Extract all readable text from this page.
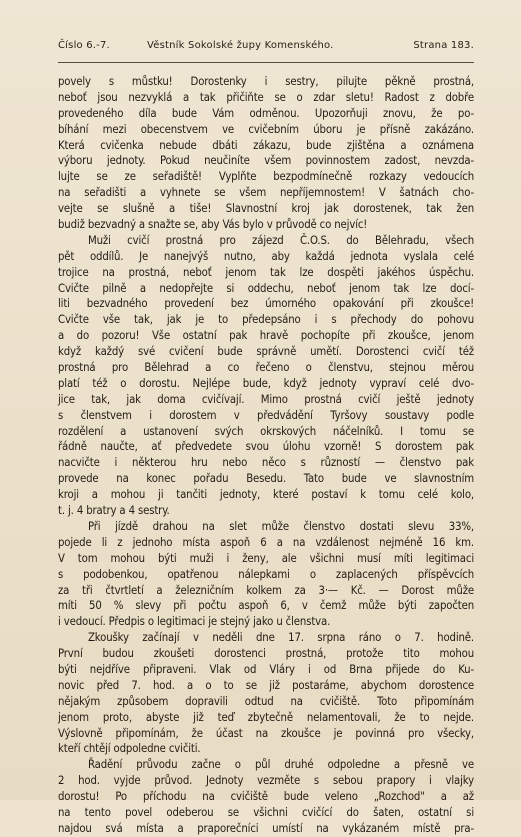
Číslo 6.-7.	Věstník Sokolské župy Komenského.	Strana 183.
povely s můstku! Dorostenky i sestry, pilujte pěkně prostná,
neboť jsou nezvyklá a tak přičiňte se o zdar sletu! Radost z dobře
provedeného díla bude Vám odměnou. Upozorňuji znovu, že po-
bíhání mezi obecenstvem ve cvičebním úboru je přísně zakázáno.
Která cvičenka nebude dbáti zákazu, bude zjištěna a oznámena
výboru jednoty. Pokud neučiníte všem povinnostem zadost, nevzda-
lujte se ze seřadiště! Vyplňte bezpodmínečně rozkazy vedoucích
na seřadišti a vyhnete se všem nepříjemnostem! V šatnách cho-
vejte se slušně a tiše! Slavnostní kroj jak dorostenek, tak žen
budiž bezvadný a snažte se, aby Vás bylo v průvodě co nejvíc!
Muži cvičí prostná pro zájezd Č.O.S. do Bělehradu, všech
pět oddílů. Je nanejvýš nutno, aby každá jednota vyslala celé
trojice na prostná, neboť jenom tak lze dospěti jakéhos úspěchu.
Cvičte pilně a nedopřejte si oddechu, neboť jenom tak lze docí-
liti bezvadného provedení bez úmorného opakování při zkoušce!
Cvičte vše tak, jak je to předepsáno i s přechody do pohovu
a do pozoru! Vše ostatní pak hravě pochopíte při zkoušce, jenom
když každý své cvičení bude správně umětí. Dorostenci cvičí též
prostná pro Bělehrad a co řečeno o členstvu, stejnou měrou
platí též o dorostu. Nejlépe bude, když jednoty vypraví celé dvo-
jice tak, jak doma cvičívají. Mimo prostná cvičí ještě jednoty
s členstvem i dorostem v předvádění Tyršovy soustavy podle
rozdělení a ustanovení svých okrskových náčelníků. I tomu se
řádně naučte, ať předvedete svou úlohu vzorně! S dorostem pak
nacvičte i některou hru nebo něco s růzností — členstvo pak
provede na konec pořadu Besedu. Tato bude ve slavnostním
kroji a mohou ji tančiti jednoty, které postaví k tomu celé kolo,
t. j. 4 bratry a 4 sestry.
Při jízdě drahou na slet může členstvo dostati slevu 33%,
pojede li z jednoho místa aspoň 6 a na vzdálenost nejméně 16 km.
V tom mohou býti muži i ženy, ale všichni musí míti legitimaci
s podobenkou, opatřenou nálepkami o zaplacených příspěvcích
za tři čtvrtletí a železničním kolkem za 3·— Kč. — Dorost může
míti 50 % slevy při počtu aspoň 6, v čemž může býti započten
i vedoucí. Předpis o legitimaci je stejný jako u členstva.
Zkoušky začínají v neděli dne 17. srpna ráno o 7. hodině.
První budou zkoušeti dorostenci prostná, protože tito mohou
býti nejdříve připraveni. Vlak od Vláry i od Brna přijede do Ku-
novic před 7. hod. a o to se již postaráme, abychom dorostence
nějakým způsobem dopravili odtud na cvičiště. Toto připomínám
jenom proto, abyste již teď zbytečně nelamentovali, že to nejde.
Výslovně připomínám, že účast na zkoušce je povinná pro všecky,
kteří chtějí odpoledne cvičiti.
Řadění průvodu začne o půl druhé odpoledne a přesně ve
2 hod. vyjde průvod. Jednoty vezměte s sebou prapory i vlajky
dorostu! Po příchodu na cvičiště bude veleno „Rozchod" a až
na tento povel odeberou se všichni cvičící do šaten, ostatní si
najdou svá místa a praporečníci umístí na vykázaném místě pra-
